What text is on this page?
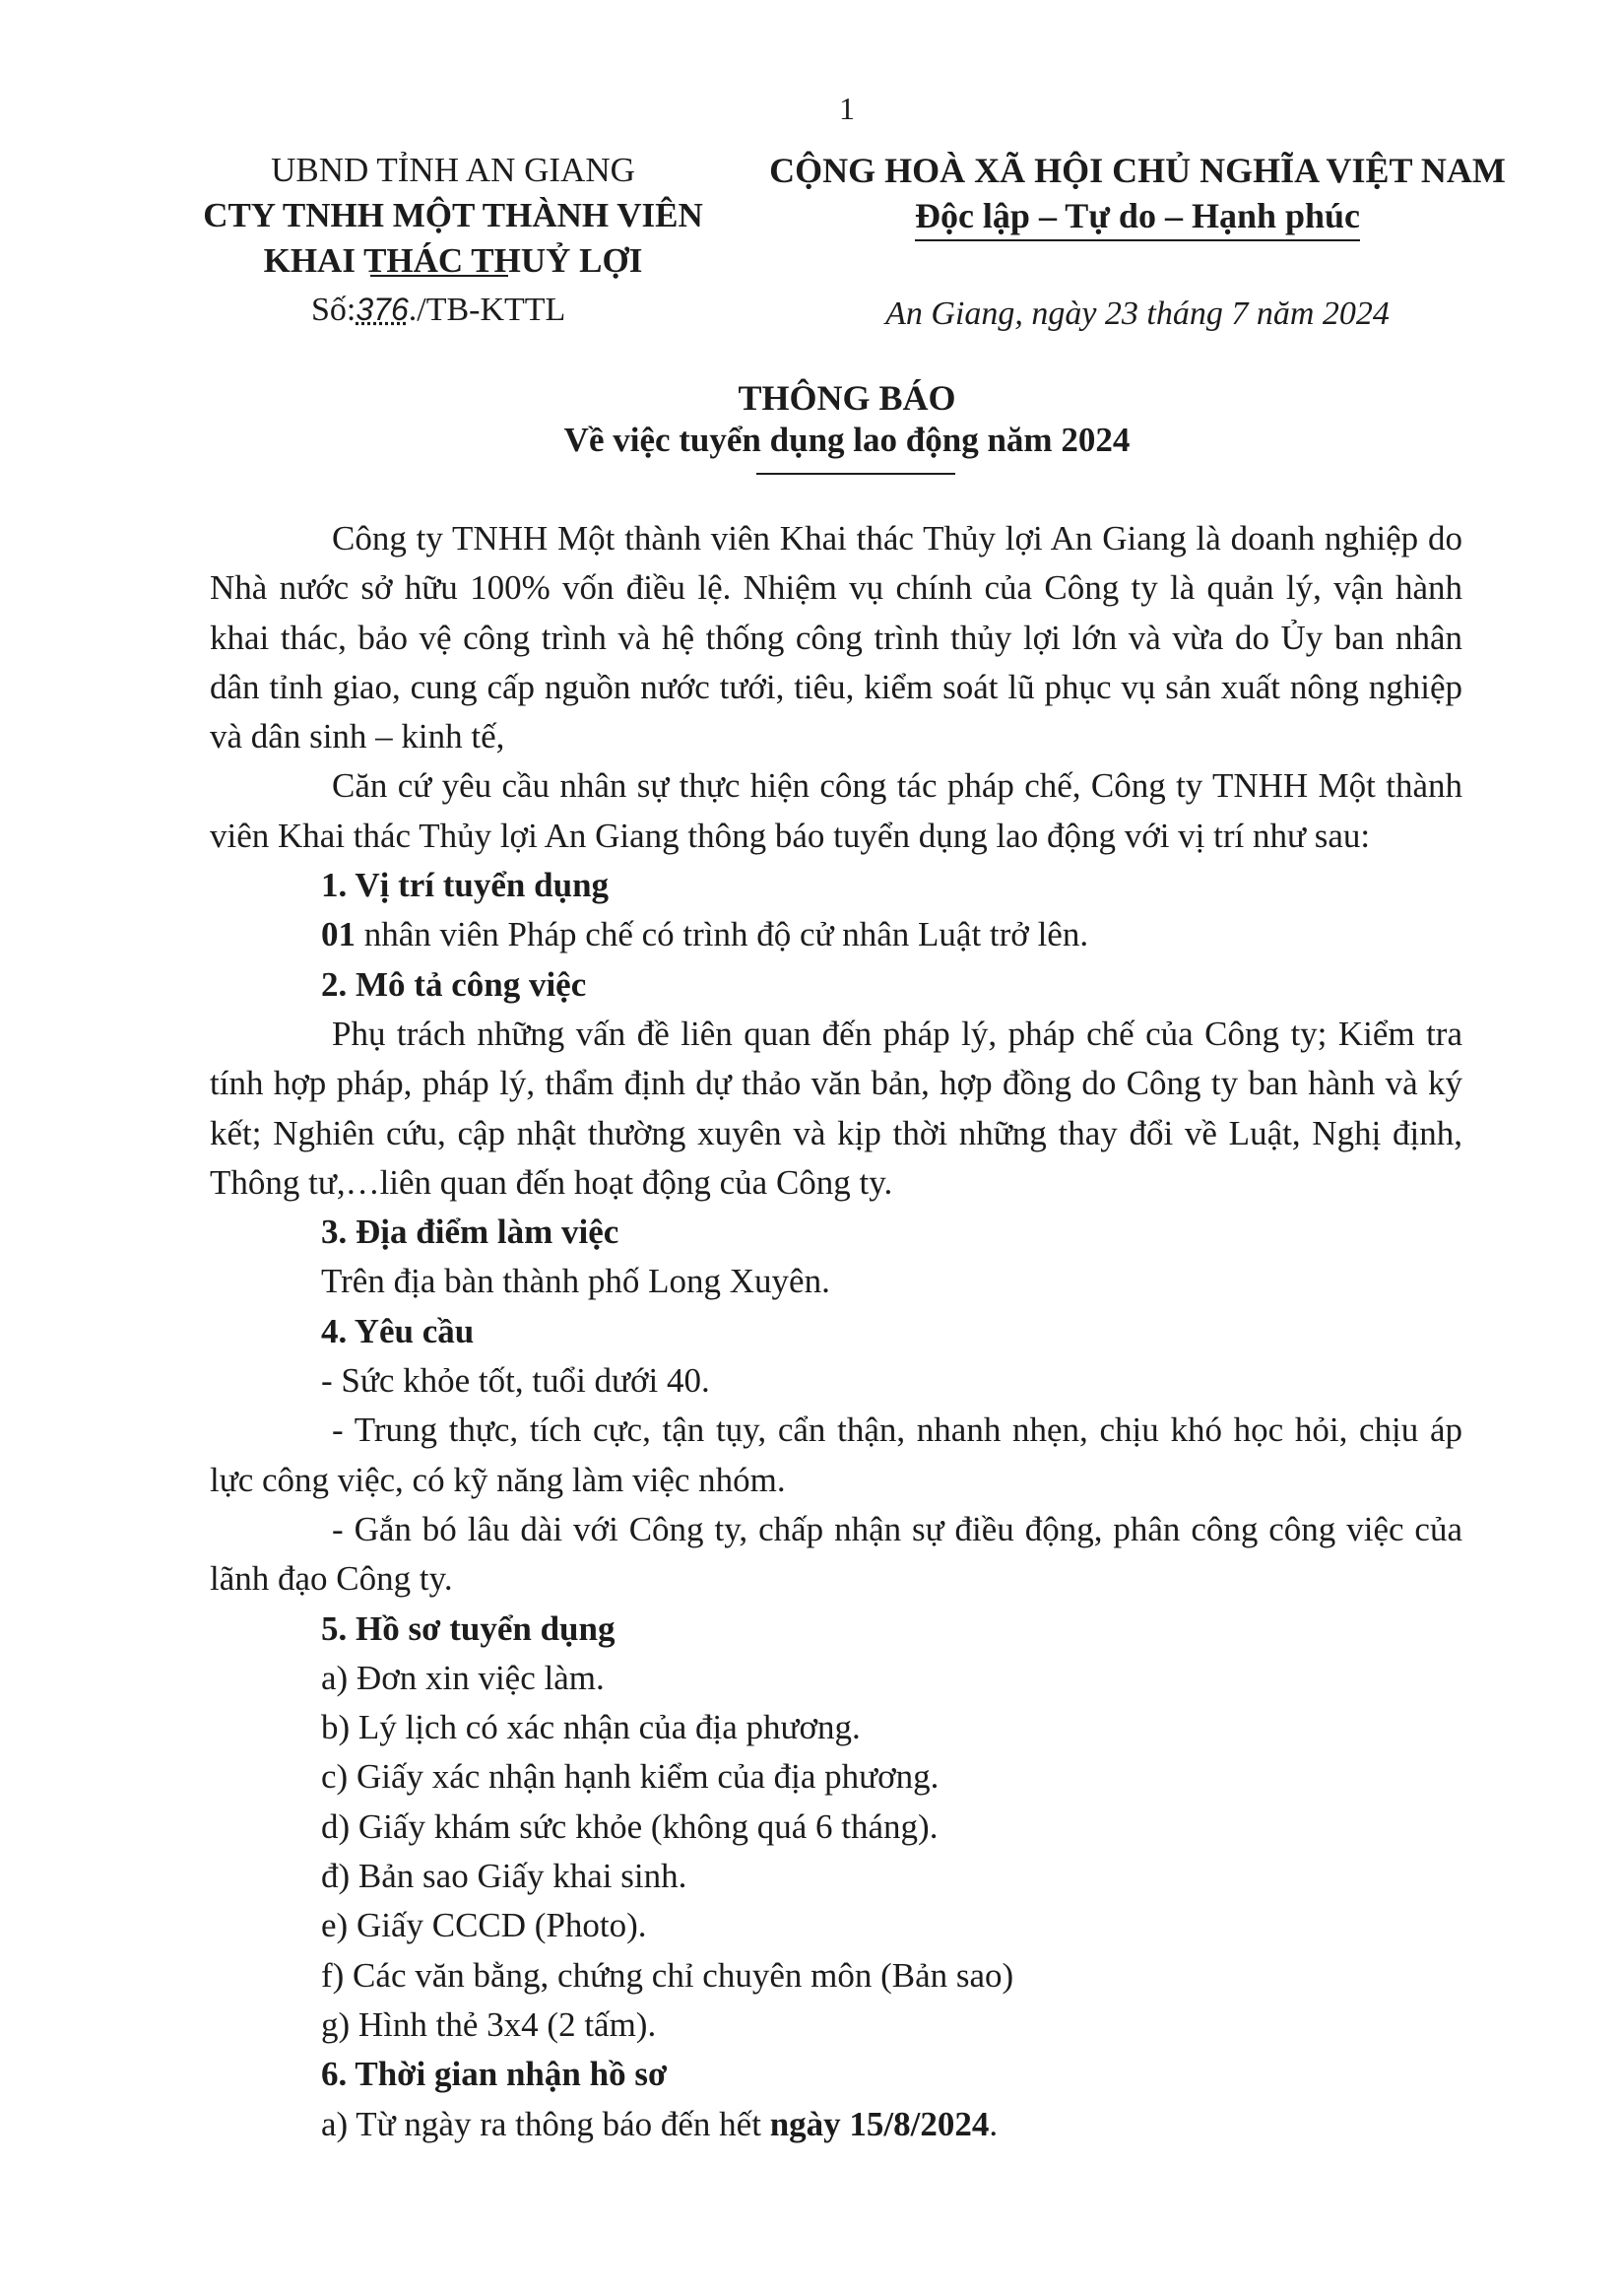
1
UBND TỈNH AN GIANG
CTY TNHH MỘT THÀNH VIÊN
KHAI THÁC THUỶ LỢI
Số:376./TB-KTTL
CỘNG HOÀ XÃ HỘI CHỦ NGHĨA VIỆT NAM
Độc lập – Tự do – Hạnh phúc
An Giang, ngày 23 tháng 7 năm 2024
THÔNG BÁO
Về việc tuyển dụng lao động năm 2024

Công ty TNHH Một thành viên Khai thác Thủy lợi An Giang là doanh nghiệp do Nhà nước sở hữu 100% vốn điều lệ. Nhiệm vụ chính của Công ty là quản lý, vận hành khai thác, bảo vệ công trình và hệ thống công trình thủy lợi lớn và vừa do Ủy ban nhân dân tỉnh giao, cung cấp nguồn nước tưới, tiêu, kiểm soát lũ phục vụ sản xuất nông nghiệp và dân sinh – kinh tế,

Căn cứ yêu cầu nhân sự thực hiện công tác pháp chế, Công ty TNHH Một thành viên Khai thác Thủy lợi An Giang thông báo tuyển dụng lao động với vị trí như sau:

1. Vị trí tuyển dụng

01 nhân viên Pháp chế có trình độ cử nhân Luật trở lên.

2. Mô tả công việc

Phụ trách những vấn đề liên quan đến pháp lý, pháp chế của Công ty; Kiểm tra tính hợp pháp, pháp lý, thẩm định dự thảo văn bản, hợp đồng do Công ty ban hành và ký kết; Nghiên cứu, cập nhật thường xuyên và kịp thời những thay đổi về Luật, Nghị định, Thông tư,…liên quan đến hoạt động của Công ty.

3. Địa điểm làm việc

Trên địa bàn thành phố Long Xuyên.

4. Yêu cầu

- Sức khỏe tốt, tuổi dưới 40.

- Trung thực, tích cực, tận tụy, cẩn thận, nhanh nhẹn, chịu khó học hỏi, chịu áp lực công việc, có kỹ năng làm việc nhóm.

- Gắn bó lâu dài với Công ty, chấp nhận sự điều động, phân công công việc của lãnh đạo Công ty.

5. Hồ sơ tuyển dụng

a) Đơn xin việc làm.

b) Lý lịch có xác nhận của địa phương.

c) Giấy xác nhận hạnh kiểm của địa phương.

d) Giấy khám sức khỏe (không quá 6 tháng).

đ) Bản sao Giấy khai sinh.

e) Giấy CCCD (Photo).

f) Các văn bằng, chứng chỉ chuyên môn (Bản sao)

g) Hình thẻ 3x4 (2 tấm).

6. Thời gian nhận hồ sơ

a) Từ ngày ra thông báo đến hết ngày 15/8/2024.
